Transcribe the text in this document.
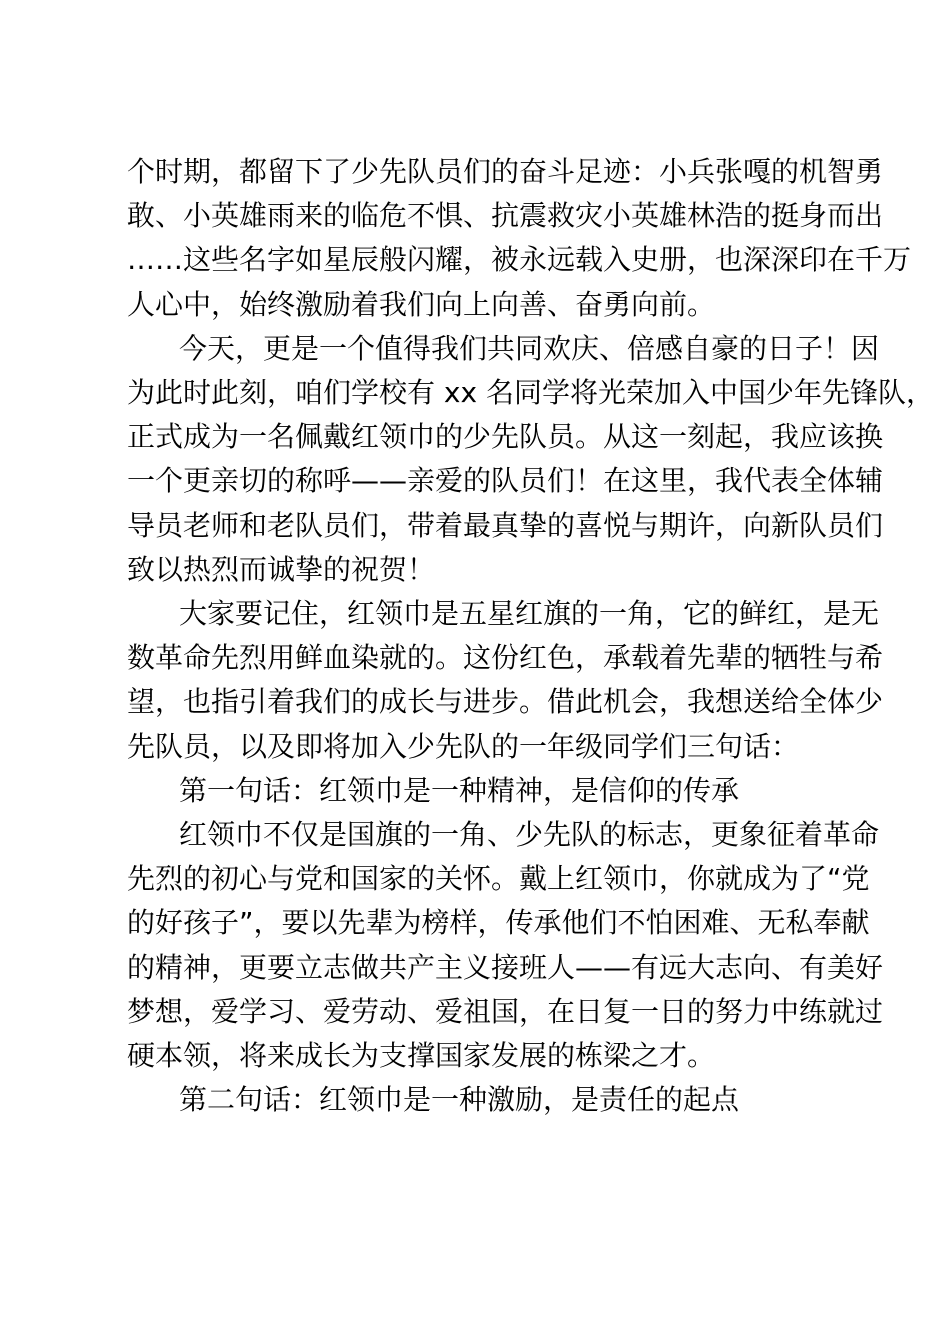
个时期，都留下了少先队员们的奋斗足迹：小兵张嘎的机智勇
敢、小英雄雨来的临危不惧、抗震救灾小英雄林浩的挺身而出
……这些名字如星辰般闪耀，被永远载入史册，也深深印在千万
人心中，始终激励着我们向上向善、奋勇向前。
今天，更是一个值得我们共同欢庆、倍感自豪的日子！因
为此时此刻，咱们学校有 xx 名同学将光荣加入中国少年先锋队，
正式成为一名佩戴红领巾的少先队员。从这一刻起，我应该换
一个更亲切的称呼——亲爱的队员们！在这里，我代表全体辅
导员老师和老队员们，带着最真挚的喜悦与期许，向新队员们
致以热烈而诚挚的祝贺！
大家要记住，红领巾是五星红旗的一角，它的鲜红，是无
数革命先烈用鲜血染就的。这份红色，承载着先辈的牺牲与希
望，也指引着我们的成长与进步。借此机会，我想送给全体少
先队员，以及即将加入少先队的一年级同学们三句话：
第一句话：红领巾是一种精神，是信仰的传承
红领巾不仅是国旗的一角、少先队的标志，更象征着革命
先烈的初心与党和国家的关怀。戴上红领巾，你就成为了“党
的好孩子”，要以先辈为榜样，传承他们不怕困难、无私奉献
的精神，更要立志做共产主义接班人——有远大志向、有美好
梦想，爱学习、爱劳动、爱祖国，在日复一日的努力中练就过
硬本领，将来成长为支撑国家发展的栋梁之才。
第二句话：红领巾是一种激励，是责任的起点
